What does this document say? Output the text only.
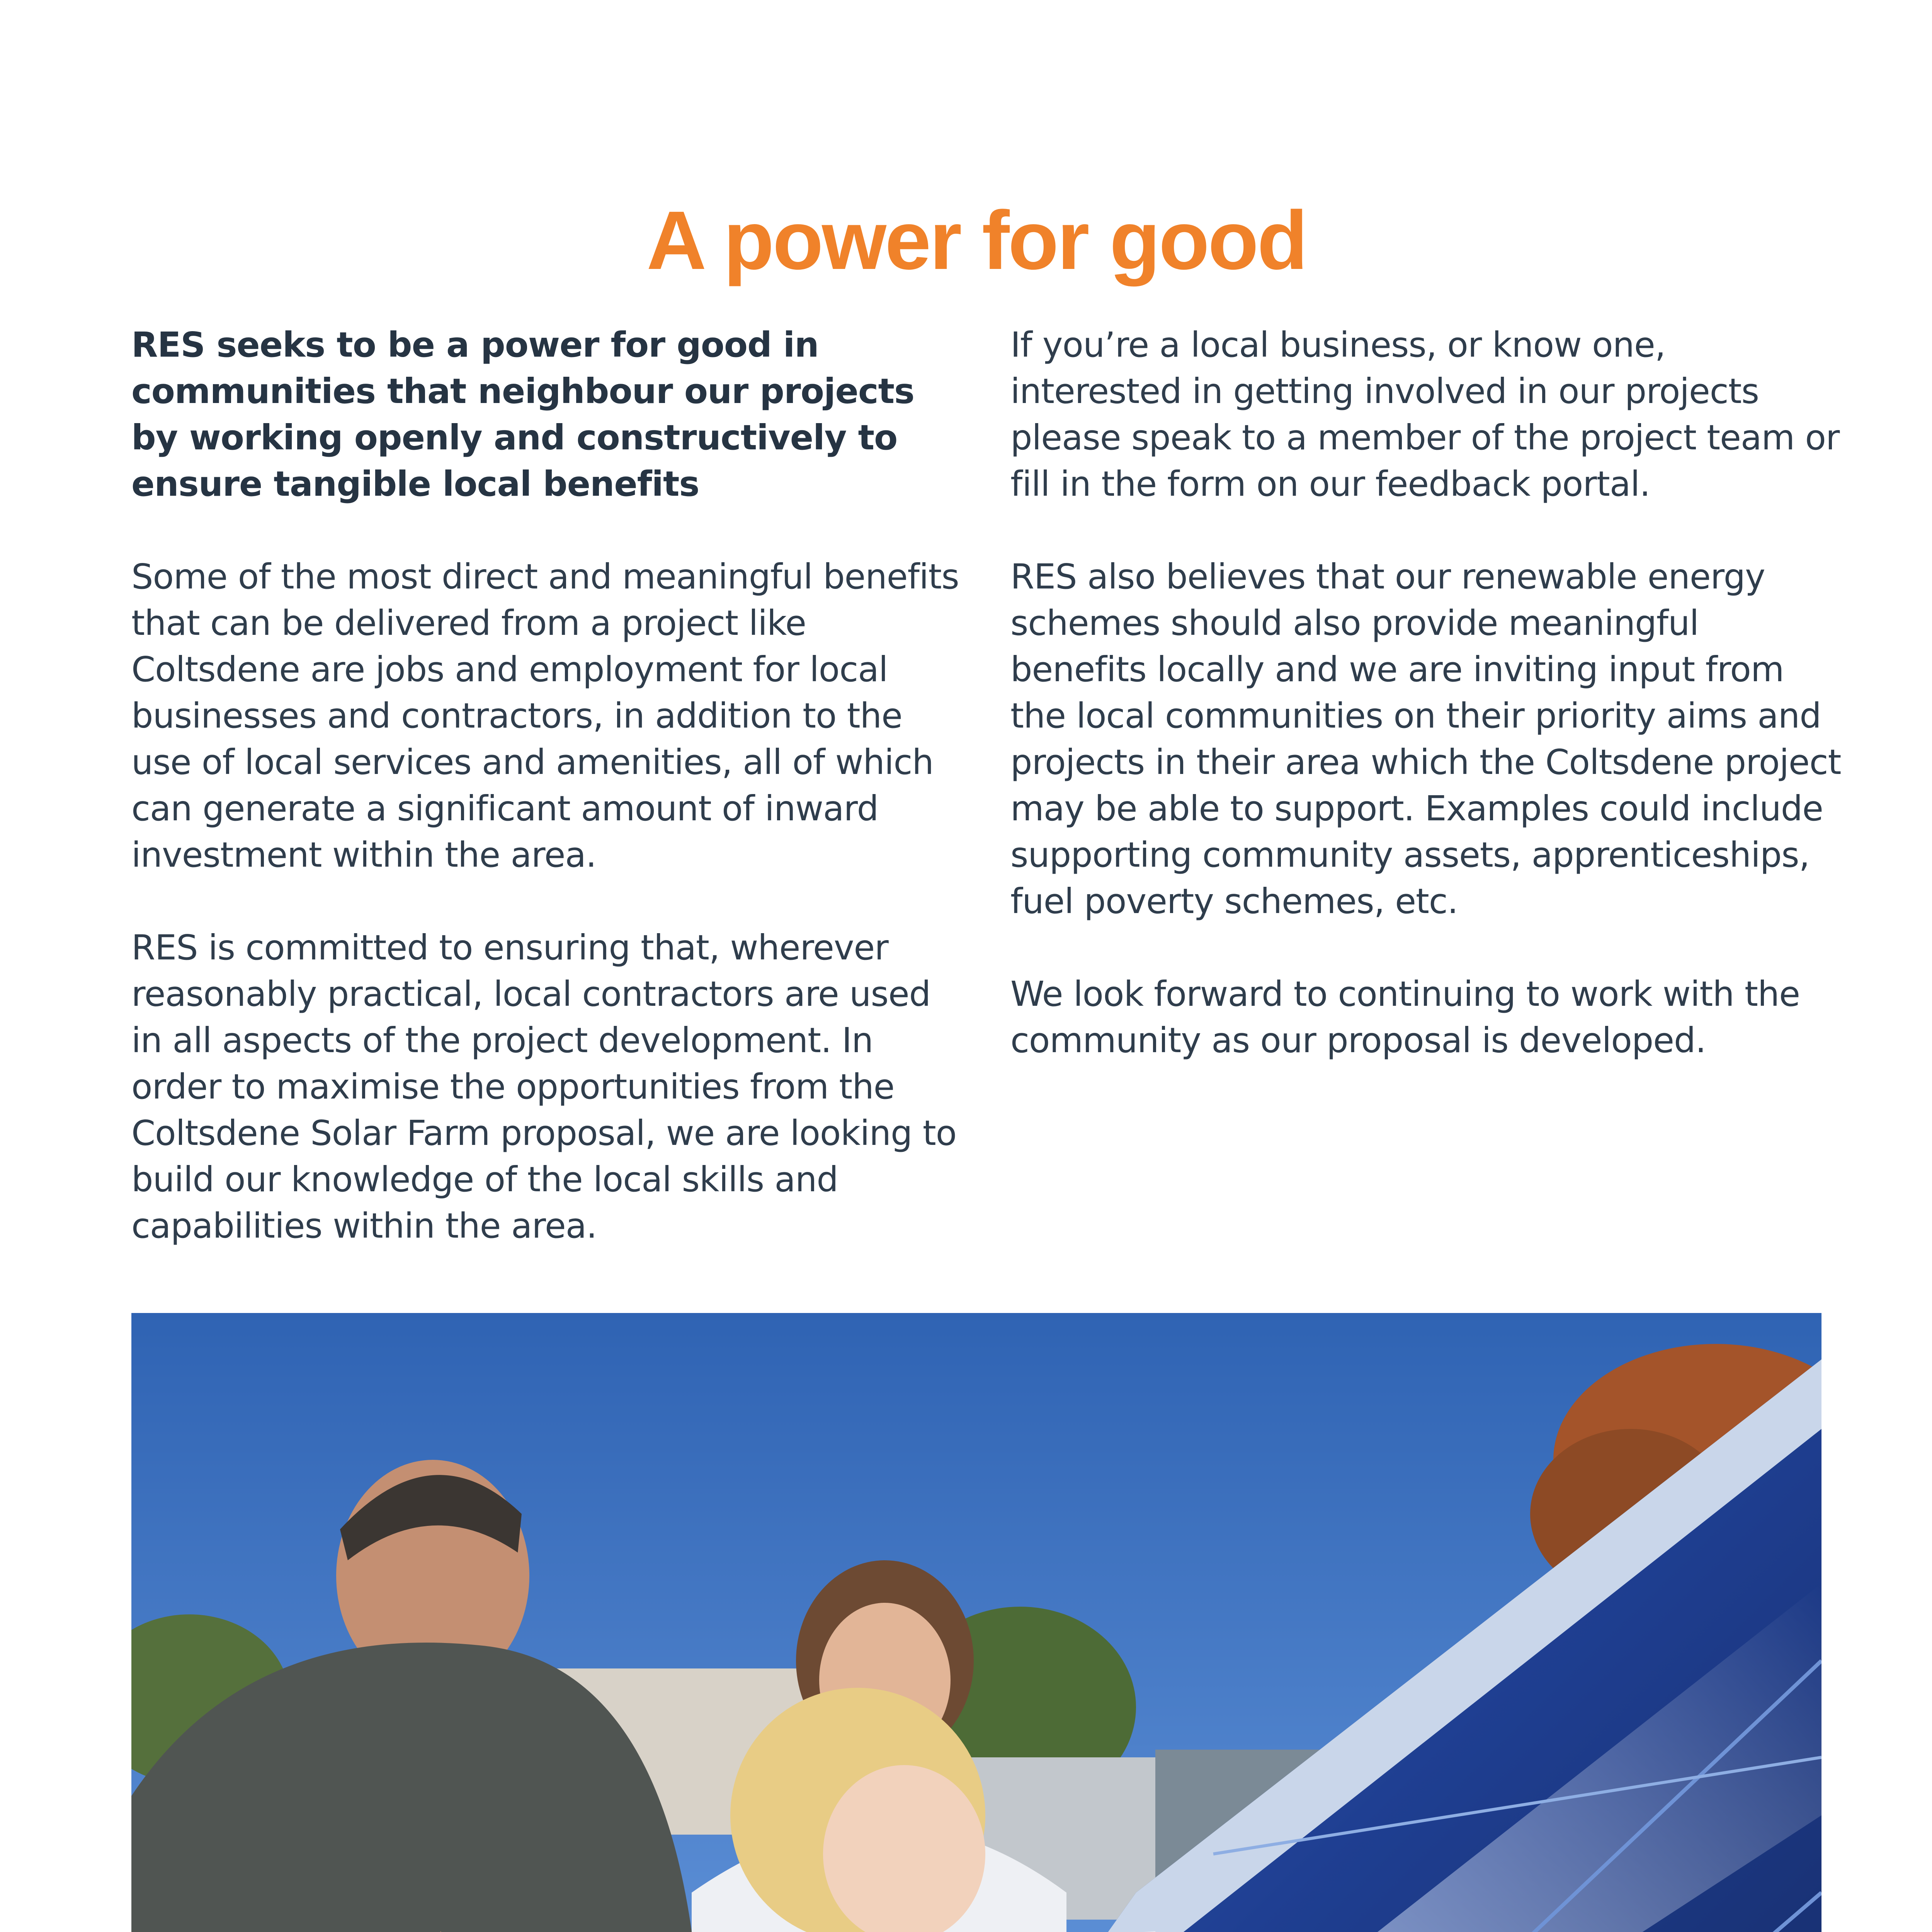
A power for good

RES seeks to be a power for good in communities that neighbour our projects by working openly and constructively to ensure tangible local benefits

Some of the most direct and meaningful benefits that can be delivered from a project like Coltsdene are jobs and employment for local businesses and contractors, in addition to the use of local services and amenities, all of which can generate a significant amount of inward investment within the area.

RES is committed to ensuring that, wherever reasonably practical, local contractors are used in all aspects of the project development. In order to maximise the opportunities from the Coltsdene Solar Farm proposal, we are looking to build our knowledge of the local skills and capabilities within the area.

If you’re a local business, or know one, interested in getting involved in our projects please speak to a member of the project team or fill in the form on our feedback portal.

RES also believes that our renewable energy schemes should also provide meaningful benefits locally and we are inviting input from the local communities on their priority aims and projects in their area which the Coltsdene project may be able to support. Examples could include supporting community assets, apprenticeships, fuel poverty schemes, etc.

We look forward to continuing to work with the community as our proposal is developed.
